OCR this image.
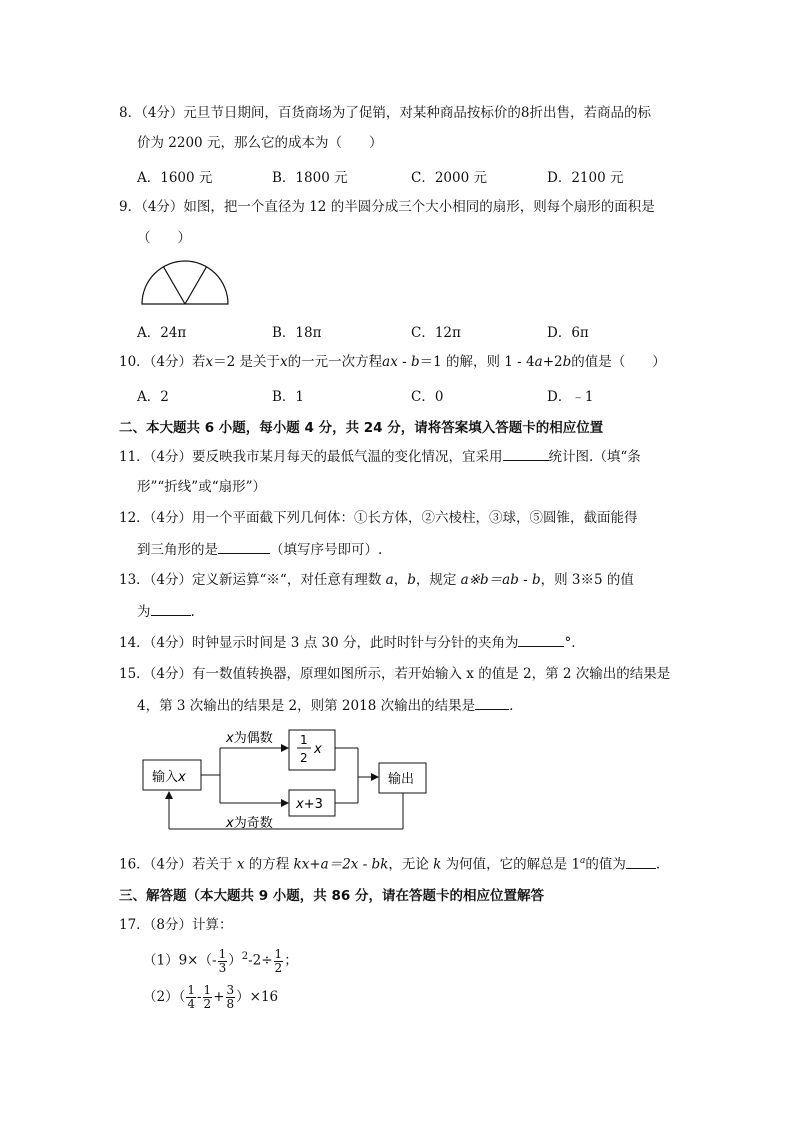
8．（4分）元旦节日期间，百货商场为了促销，对某种商品按标价的8折出售，若商品的标
价为 2200 元，那么它的成本为（　　）
A．1600 元	B．1800 元	C．2000 元	D．2100 元
9．（4分）如图，把一个直径为 12 的半圆分成三个大小相同的扇形，则每个扇形的面积是
（　　）
A．24π	B．18π	C．12π	D．6π
10．（4分）若x＝2 是关于x的一元一次方程ax - b＝1 的解，则 1 - 4a+2b的值是（　　）
A．2	B．1	C．0	D．﹣1
二、本大题共 6 小题，每小题 4 分，共 24 分，请将答案填入答题卡的相应位置
11．（4分）要反映我市某月每天的最低气温的变化情况，宜采用	统计图.（填“条
形”“折线”或“扇形”）
12．（4分）用一个平面截下列几何体：①长方体，②六棱柱，③球，⑤圆锥，截面能得
到三角形的是	（填写序号即可）.
13．（4分）定义新运算“※“，对任意有理数 a，b，规定 a※b＝ab - b，则 3※5 的值
为	.
14．（4分）时钟显示时间是 3 点 30 分，此时时针与分针的夹角为	°.
15．（4分）有一数值转换器，原理如图所示，若开始输入 x 的值是 2，第 2 次输出的结果是
4，第 3 次输出的结果是 2，则第 2018 次输出的结果是	.
输入x
x为偶数
x为奇数
1
2
x
x+3
输出
16．（4分）若关于 x 的方程 kx+a＝2x - bk，无论 k 为何值，它的解总是 1$^a$的值为 .
三、解答题（本大题共 9 小题，共 86 分，请在答题卡的相应位置解答
17．（8分）计算：
$(1)9\times(- \frac{1}{3} )^2-2\div \frac{1}{2}$ ；
$(2)( \frac{1}{4} - \frac{1}{2} + \frac{3}{8} )\times 16$
